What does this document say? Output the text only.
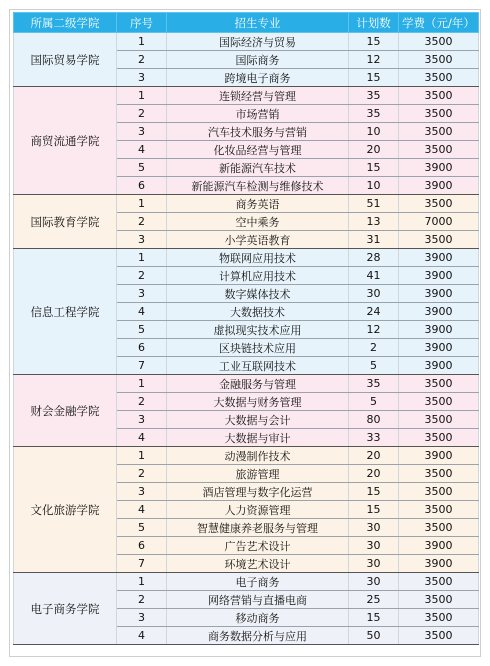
所属二级学院	序号	招生专业	计划数	学费（元/年）
国际贸易学院	1	国际经济与贸易	15	3500
	2	国际商务	12	3500
	3	跨境电子商务	15	3500
商贸流通学院	1	连锁经营与管理	35	3500
	2	市场营销	35	3500
	3	汽车技术服务与营销	10	3500
	4	化妆品经营与管理	20	3500
	5	新能源汽车技术	15	3900
	6	新能源汽车检测与维修技术	10	3900
国际教育学院	1	商务英语	51	3500
	2	空中乘务	13	7000
	3	小学英语教育	31	3500
信息工程学院	1	物联网应用技术	28	3900
	2	计算机应用技术	41	3900
	3	数字媒体技术	30	3900
	4	大数据技术	24	3900
	5	虚拟现实技术应用	12	3900
	6	区块链技术应用	2	3900
	7	工业互联网技术	5	3900
财会金融学院	1	金融服务与管理	35	3500
	2	大数据与财务管理	5	3500
	3	大数据与会计	80	3500
	4	大数据与审计	33	3500
文化旅游学院	1	动漫制作技术	20	3900
	2	旅游管理	20	3500
	3	酒店管理与数字化运营	15	3500
	4	人力资源管理	15	3500
	5	智慧健康养老服务与管理	30	3500
	6	广告艺术设计	30	3900
	7	环境艺术设计	30	3900
电子商务学院	1	电子商务	30	3500
	2	网络营销与直播电商	25	3500
	3	移动商务	15	3500
	4	商务数据分析与应用	50	3500
